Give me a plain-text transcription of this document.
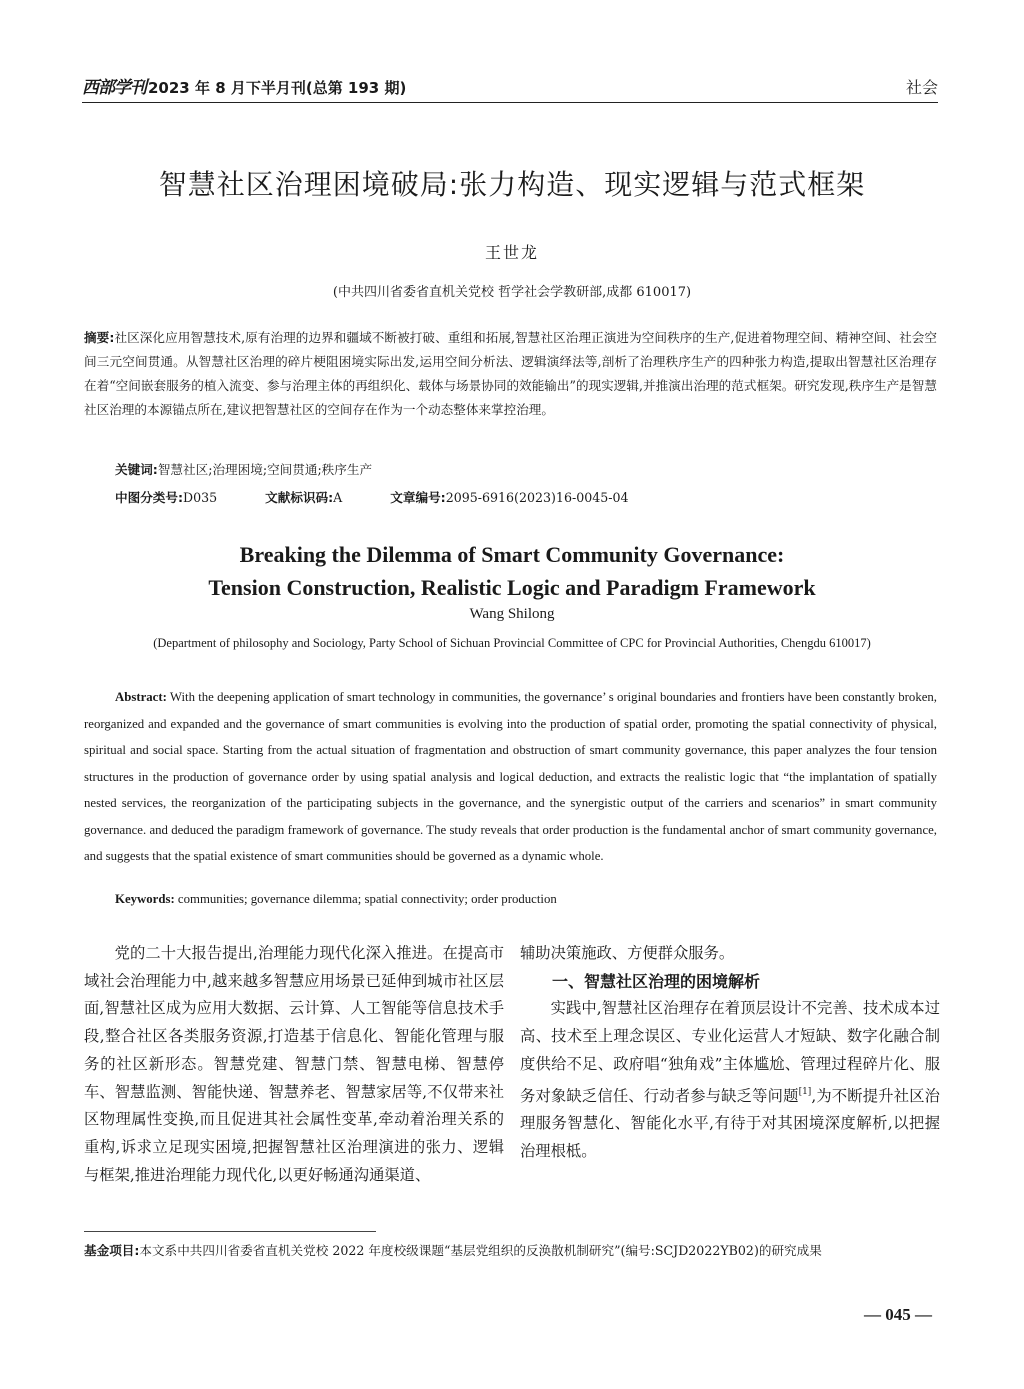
西部学刊 2023 年 8 月下半月刊(总第 193 期)	社会
智慧社区治理困境破局:张力构造、现实逻辑与范式框架
王世龙
(中共四川省委省直机关党校 哲学社会学教研部,成都 610017)
摘要:社区深化应用智慧技术,原有治理的边界和疆域不断被打破、重组和拓展,智慧社区治理正演进为空间秩序的生产,促进着物理空间、精神空间、社会空间三元空间贯通。从智慧社区治理的碎片梗阻困境实际出发,运用空间分析法、逻辑演绎法等,剖析了治理秩序生产的四种张力构造,提取出智慧社区治理存在着“空间嵌套服务的植入流变、参与治理主体的再组织化、载体与场景协同的效能输出”的现实逻辑,并推演出治理的范式框架。研究发现,秩序生产是智慧社区治理的本源锚点所在,建议把智慧社区的空间存在作为一个动态整体来掌控治理。
关键词:智慧社区;治理困境;空间贯通;秩序生产
中图分类号:D035	文献标识码:A	文章编号:2095-6916(2023)16-0045-04
Breaking the Dilemma of Smart Community Governance:
Tension Construction, Realistic Logic and Paradigm Framework
Wang Shilong
(Department of philosophy and Sociology, Party School of Sichuan Provincial Committee of CPC for Provincial Authorities, Chengdu 610017)
Abstract: With the deepening application of smart technology in communities, the governance’ s original boundaries and frontiers have been constantly broken, reorganized and expanded and the governance of smart communities is evolving into the production of spatial order, promoting the spatial connectivity of physical, spiritual and social space. Starting from the actual situation of fragmentation and obstruction of smart community governance, this paper analyzes the four tension structures in the production of governance order by using spatial analysis and logical deduction, and extracts the realistic logic that “the implantation of spatially nested services, the reorganization of the participating subjects in the governance, and the synergistic output of the carriers and scenarios” in smart community governance. and deduced the paradigm framework of governance. The study reveals that order production is the fundamental anchor of smart community governance, and suggests that the spatial existence of smart communities should be governed as a dynamic whole.
Keywords: communities; governance dilemma; spatial connectivity; order production

党的二十大报告提出,治理能力现代化深入推进。在提高市域社会治理能力中,越来越多智慧应用场景已延伸到城市社区层面,智慧社区成为应用大数据、云计算、人工智能等信息技术手段,整合社区各类服务资源,打造基于信息化、智能化管理与服务的社区新形态。智慧党建、智慧门禁、智慧电梯、智慧停车、智慧监测、智能快递、智慧养老、智慧家居等,不仅带来社区物理属性变换,而且促进其社会属性变革,牵动着治理关系的重构,诉求立足现实困境,把握智慧社区治理演进的张力、逻辑与框架,推进治理能力现代化,以更好畅通沟通渠道、

辅助决策施政、方便群众服务。

一、智慧社区治理的困境解析

实践中,智慧社区治理存在着顶层设计不完善、技术成本过高、技术至上理念误区、专业化运营人才短缺、数字化融合制度供给不足、政府唱“独角戏”主体尴尬、管理过程碎片化、服务对象缺乏信任、行动者参与缺乏等问题[1],为不断提升社区治理服务智慧化、智能化水平,有待于对其困境深度解析,以把握治理根柢。

基金项目:本文系中共四川省委省直机关党校 2022 年度校级课题“基层党组织的反涣散机制研究”(编号:SCJD2022YB02)的研究成果
— 045 —
